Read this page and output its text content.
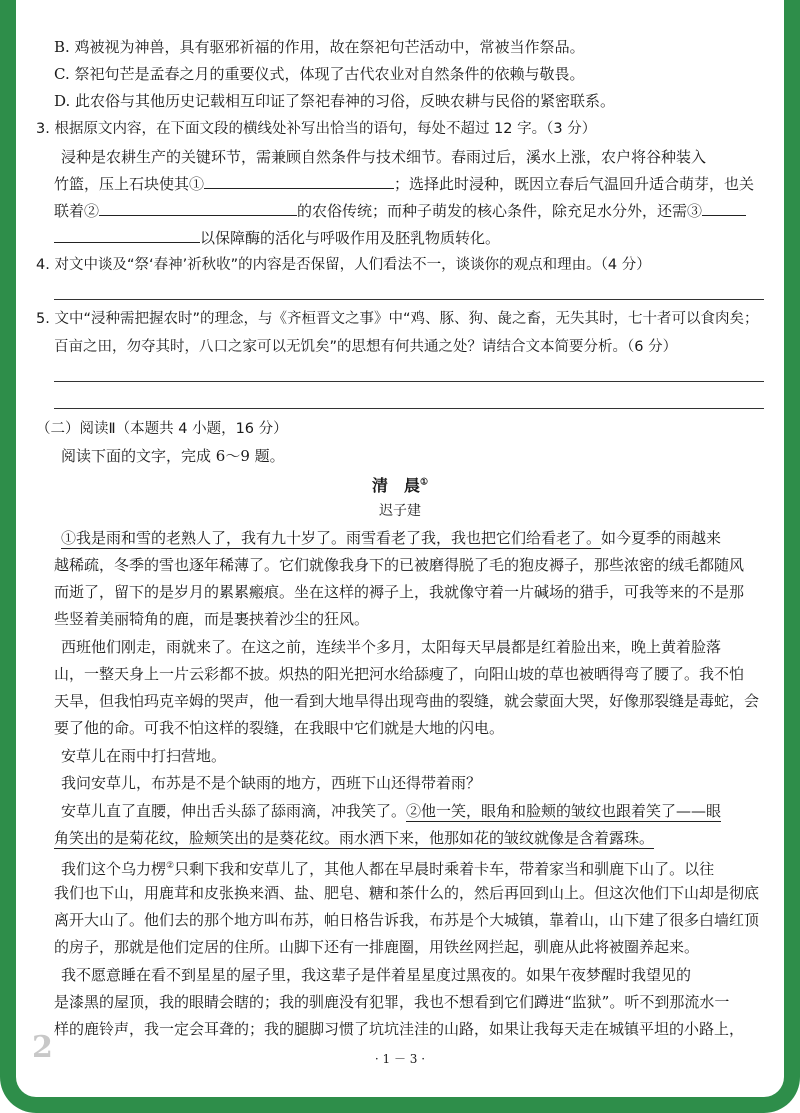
B. 鸡被视为神兽，具有驱邪祈福的作用，故在祭祀句芒活动中，常被当作祭品。
C. 祭祀句芒是孟春之月的重要仪式，体现了古代农业对自然条件的依赖与敬畏。
D. 此农俗与其他历史记载相互印证了祭祀春神的习俗，反映农耕与民俗的紧密联系。
3. 根据原文内容，在下面文段的横线处补写出恰当的语句，每处不超过 12 字。（3 分）
浸种是农耕生产的关键环节，需兼顾自然条件与技术细节。春雨过后，溪水上涨，农户将谷种装入
竹篮，压上石块使其①	；选择此时浸种，既因立春后气温回升适合萌芽，也关
联着②	的农俗传统；而种子萌发的核心条件，除充足水分外，还需③
以保障酶的活化与呼吸作用及胚乳物质转化。
4. 对文中谈及“祭‘春神’祈秋收”的内容是否保留，人们看法不一，谈谈你的观点和理由。（4 分）
5. 文中“浸种需把握农时”的理念，与《齐桓晋文之事》中“鸡、豚、狗、彘之畜，无失其时，七十者可以食肉矣；
百亩之田，勿夺其时，八口之家可以无饥矣”的思想有何共通之处？请结合文本简要分析。（6 分）
（二）阅读Ⅱ（本题共 4 小题，16 分）
阅读下面的文字，完成 6～9 题。
清　晨①
迟子建
①我是雨和雪的老熟人了，我有九十岁了。雨雪看老了我，我也把它们给看老了。如今夏季的雨越来
越稀疏，冬季的雪也逐年稀薄了。它们就像我身下的已被磨得脱了毛的狍皮褥子，那些浓密的绒毛都随风
而逝了，留下的是岁月的累累瘢痕。坐在这样的褥子上，我就像守着一片碱场的猎手，可我等来的不是那
些竖着美丽犄角的鹿，而是裹挟着沙尘的狂风。
西班他们刚走，雨就来了。在这之前，连续半个多月，太阳每天早晨都是红着脸出来，晚上黄着脸落
山，一整天身上一片云彩都不披。炽热的阳光把河水给舔瘦了，向阳山坡的草也被晒得弯了腰了。我不怕
天旱，但我怕玛克辛姆的哭声，他一看到大地旱得出现弯曲的裂缝，就会蒙面大哭，好像那裂缝是毒蛇，会
要了他的命。可我不怕这样的裂缝，在我眼中它们就是大地的闪电。
安草儿在雨中打扫营地。
我问安草儿，布苏是不是个缺雨的地方，西班下山还得带着雨？
安草儿直了直腰，伸出舌头舔了舔雨滴，冲我笑了。②他一笑，眼角和脸颊的皱纹也跟着笑了——眼
角笑出的是菊花纹，脸颊笑出的是葵花纹。雨水洒下来，他那如花的皱纹就像是含着露珠。
我们这个乌力楞②只剩下我和安草儿了，其他人都在早晨时乘着卡车，带着家当和驯鹿下山了。以往
我们也下山，用鹿茸和皮张换来酒、盐、肥皂、糖和茶什么的，然后再回到山上。但这次他们下山却是彻底
离开大山了。他们去的那个地方叫布苏，帕日格告诉我，布苏是个大城镇，靠着山，山下建了很多白墙红顶
的房子，那就是他们定居的住所。山脚下还有一排鹿圈，用铁丝网拦起，驯鹿从此将被圈养起来。
我不愿意睡在看不到星星的屋子里，我这辈子是伴着星星度过黑夜的。如果午夜梦醒时我望见的
是漆黑的屋顶，我的眼睛会瞎的；我的驯鹿没有犯罪，我也不想看到它们蹲进“监狱”。听不到那流水一
样的鹿铃声，我一定会耳聋的；我的腿脚习惯了坑坑洼洼的山路，如果让我每天走在城镇平坦的小路上，
2	· 1 － 3 ·
